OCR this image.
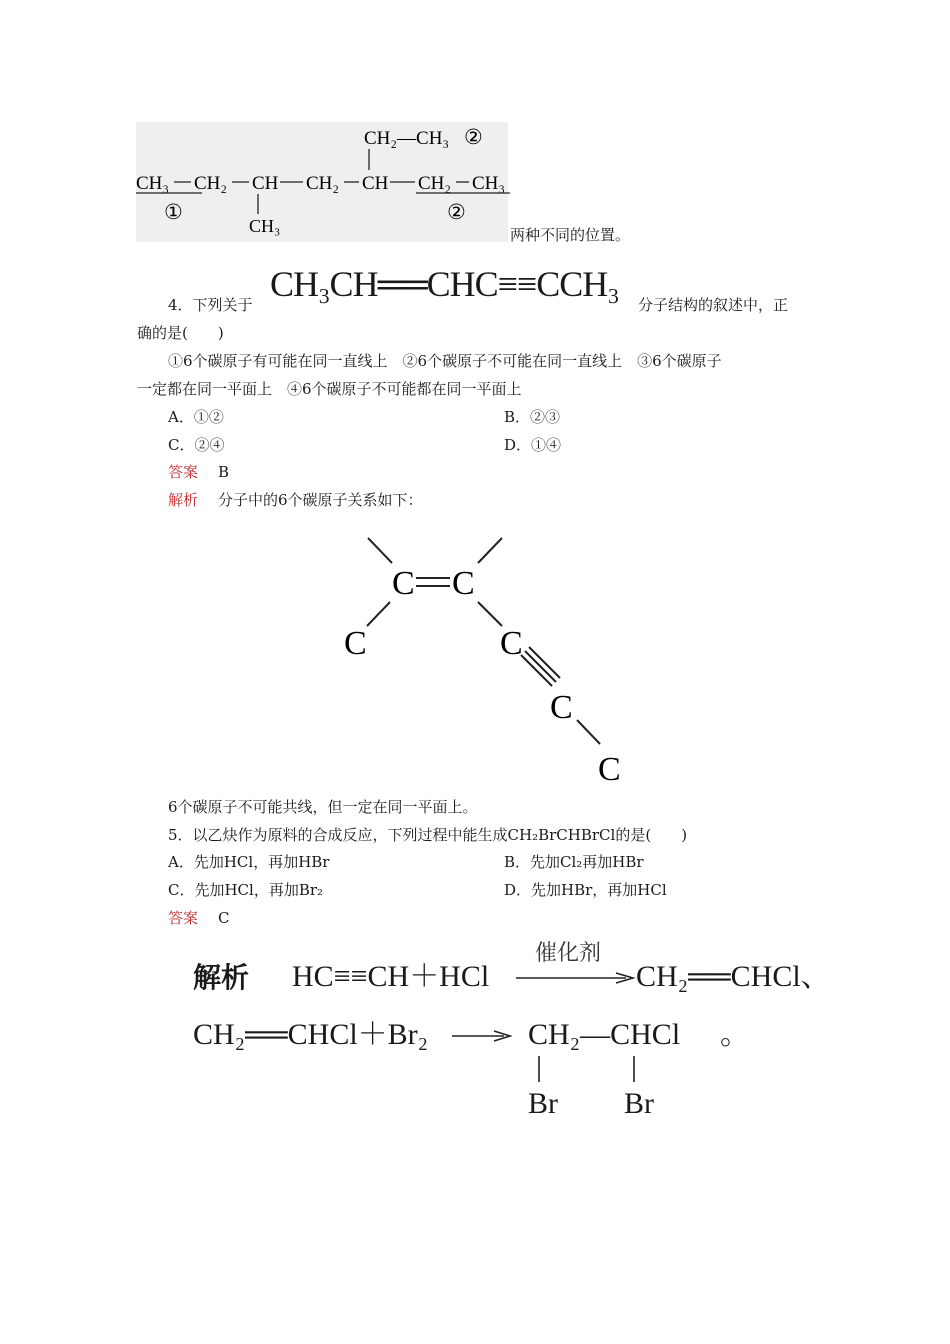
CH₂—CH₃ ②
CH₃ CH₂ CH CH₂ CH CH₂ CH₃
①	②
CH₃	两种不同的位置。
4．下列关于
CH₃CH══CHC≡≡CCH₃
分子结构的叙述中，正
确的是(　　)
①6个碳原子有可能在同一直线上　②6个碳原子不可能在同一直线上　③6个碳原子
一定都在同一平面上　④6个碳原子不可能都在同一平面上
A．①②	B．②③
C．②④	D．①④
答案 B
解析 分子中的6个碳原子关系如下：
C C
C	C
C
C
6个碳原子不可能共线，但一定在同一平面上。
5．以乙炔作为原料的合成反应，下列过程中能生成CH₂BrCHBrCl的是(　　)
A．先加HCl，再加HBr	B．先加Cl₂再加HBr
C．先加HCl，再加Br₂	D．先加HBr，再加HCl
答案 C
解析 HC≡≡CH＋HCl
催化剂
CH₂══CHCl、
CH₂══CHCl＋Br₂ → CH₂—CHCl 。
Br Br
